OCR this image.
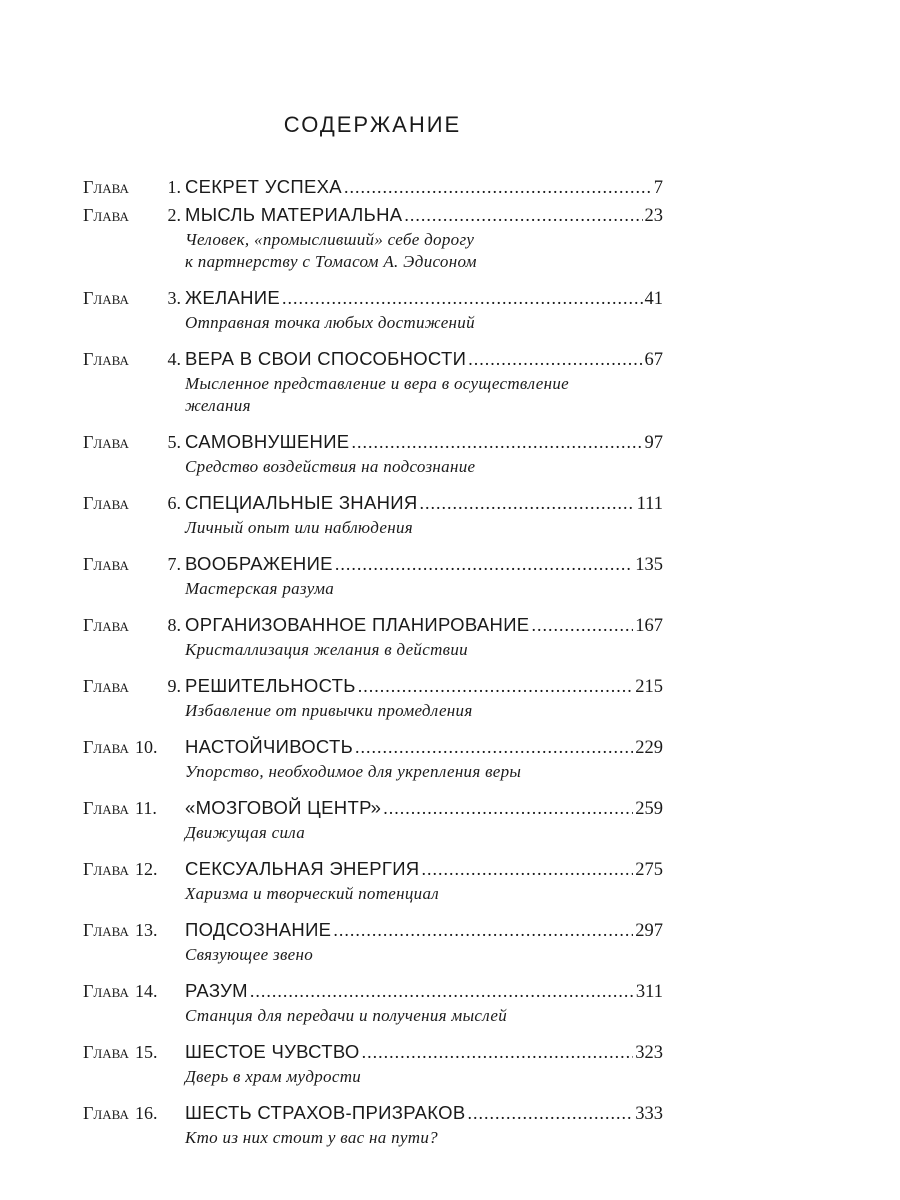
СОДЕРЖАНИЕ
Глава	1. СЕКРЕТ УСПЕХА .....	7
Глава	2. МЫСЛЬ МАТЕРИАЛЬНА .....	23
Человек, «промысливший» себе дорогу
к партнерству с Томасом А. Эдисоном
Глава	3. ЖЕЛАНИЕ .....	41
Отправная точка любых достижений
Глава	4. ВЕРА В СВОИ СПОСОБНОСТИ .....	67
Мысленное представление и вера в осуществление
желания
Глава	5. САМОВНУШЕНИЕ .....	97
Средство воздействия на подсознание
Глава	6. СПЕЦИАЛЬНЫЕ ЗНАНИЯ .....	111
Личный опыт или наблюдения
Глава	7. ВООБРАЖЕНИЕ .....	135
Мастерская разума
Глава	8. ОРГАНИЗОВАННОЕ ПЛАНИРОВАНИЕ .....	167
Кристаллизация желания в действии
Глава	9. РЕШИТЕЛЬНОСТЬ .....	215
Избавление от привычки промедления
Глава 10.	НАСТОЙЧИВОСТЬ .....	229
Упорство, необходимое для укрепления веры
Глава 11.	«МОЗГОВОЙ ЦЕНТР» .....	259
Движущая сила
Глава 12.	СЕКСУАЛЬНАЯ ЭНЕРГИЯ .....	275
Харизма и творческий потенциал
Глава 13.	ПОДСОЗНАНИЕ .....	297
Связующее звено
Глава 14.	РАЗУМ .....	311
Станция для передачи и получения мыслей
Глава 15.	ШЕСТОЕ ЧУВСТВО .....	323
Дверь в храм мудрости
Глава 16.	ШЕСТЬ СТРАХОВ-ПРИЗРАКОВ .....	333
Кто из них стоит у вас на пути?
